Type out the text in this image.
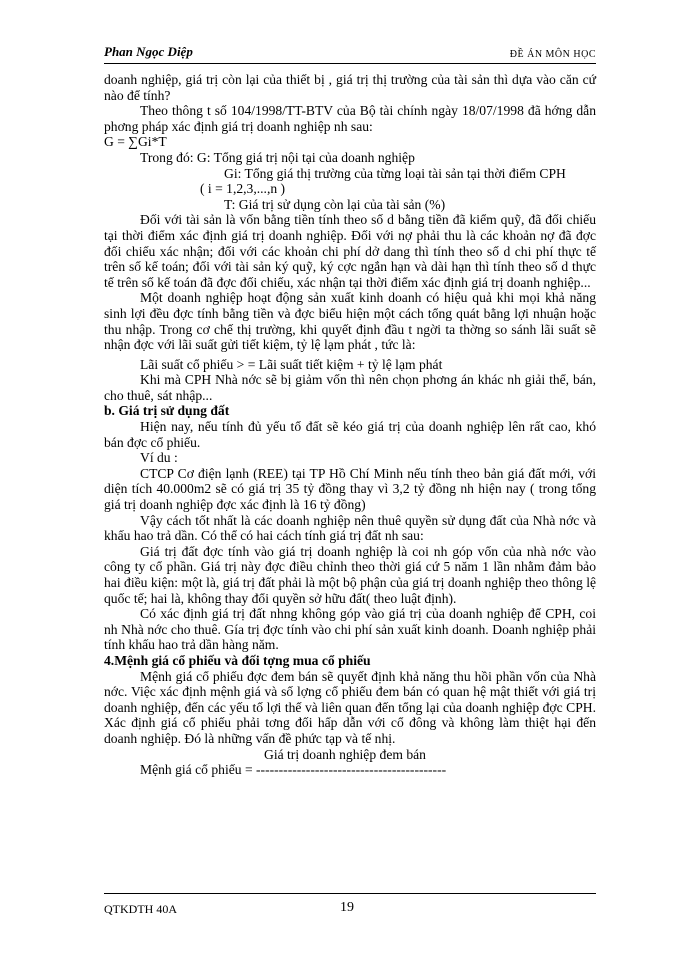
Phan Ngọc Diệp	ĐỀ ÁN MÔN HỌC

doanh nghiệp, giá trị còn lại của thiết bị , giá trị thị trường của tài sản thì dựa vào căn cứ nào để tính?

Theo thông t số 104/1998/TT-BTV của Bộ tài chính ngày 18/07/1998 đã hớng dẫn phơng pháp xác định giá trị doanh nghiệp nh sau:

G = ∑Gi*T

Trong đó: G: Tổng giá trị nội tại của doanh nghiệp

Gi: Tổng giá thị trường của từng loại tài sản tại thời điểm CPH

( i = 1,2,3,...,n )

T: Giá trị sử dụng còn lại của tài sản (%)

Đối với tài sản là vốn bằng tiền tính theo số d bằng tiền đã kiểm quỹ, đã đối chiếu tại thời điểm xác định giá trị doanh nghiệp. Đối với nợ phải thu là các khoản nợ đã đợc đối chiếu xác nhận; đối với các khoản chi phí dở dang thì tính theo số d chi phí thực tế trên số kế toán; đối với tài sản ký quỹ, ký cợc ngắn hạn và dài hạn thì tính theo số d thực tế trên số kế toán đã đợc đối chiếu, xác nhận tại thời điểm xác định giá trị doanh nghiệp...

Một doanh nghiệp hoạt động sản xuất kinh doanh có hiệu quả khi mọi khả năng sinh lợi đều đợc tính bằng tiền và đợc biểu hiện một cách tổng quát bằng lợi nhuận hoặc thu nhập. Trong cơ chế thị trường, khi quyết định đầu t ngời ta thờng so sánh lãi suất sẽ nhận đợc với lãi suất gửi tiết kiệm, tỷ lệ lạm phát , tức là:

Lãi suất cổ phiếu > = Lãi suất tiết kiệm + tỷ lệ lạm phát

Khi mà CPH Nhà nớc sẽ bị giảm vốn thì nên chọn phơng án khác nh giải thể, bán, cho thuê, sát nhập...

b. Giá trị sử dụng đất

Hiện nay, nếu tính đủ yếu tố đất sẽ kéo giá trị của doanh nghiệp lên rất cao, khó bán đợc cổ phiếu.

Ví du :

CTCP Cơ điện lạnh (REE) tại TP Hồ Chí Minh nếu tính theo bản giá đất mới, với diện tích 40.000m2 sẽ có giá trị 35 tỷ đồng thay vì 3,2 tỷ đồng nh hiện nay ( trong tổng giá trị doanh nghiệp đợc xác định là 16 tỷ đồng)

Vậy cách tốt nhất là các doanh nghiệp nên thuê quyền sử dụng đất của Nhà nớc và khấu hao trả dần. Có thể có hai cách tính giá trị đất nh sau:

Giá trị đất đợc tính vào giá trị doanh nghiệp là coi nh góp vốn của nhà nớc vào công ty cổ phần. Giá trị này đợc điều chỉnh theo thời giá cứ 5 năm 1 lần nhằm đảm bảo hai điều kiện: một là, giá trị đất phải là một bộ phận của giá trị doanh nghiệp theo thông lệ quốc tế; hai là, không thay đổi quyền sở hữu đất( theo luật định).

Có xác định giá trị đất nhng không góp vào giá trị của doanh nghiệp để CPH, coi nh Nhà nớc cho thuê. Gía trị đợc tính vào chi phí sản xuất kinh doanh. Doanh nghiệp phải tính khấu hao trả dần hàng năm.

4.Mệnh giá cổ phiếu và đối tợng mua cổ phiếu

Mệnh giá cổ phiếu đợc đem bán sẽ quyết định khả năng thu hồi phần vốn của Nhà nớc. Việc xác định mệnh giá và số lợng cổ phiếu đem bán có quan hệ mật thiết với giá trị doanh nghiệp, đến các yếu tố lợi thế và liên quan đến tổng lại của doanh nghiệp đợc CPH. Xác định giá cổ phiếu phải tơng đối hấp dẫn với cổ đông và không làm thiệt hại đến doanh nghiệp. Đó là những vấn đề phức tạp và tế nhị.

Giá trị doanh nghiệp đem bán

Mệnh giá cổ phiếu = ------------------------------------------

QTKDTH 40A	19
